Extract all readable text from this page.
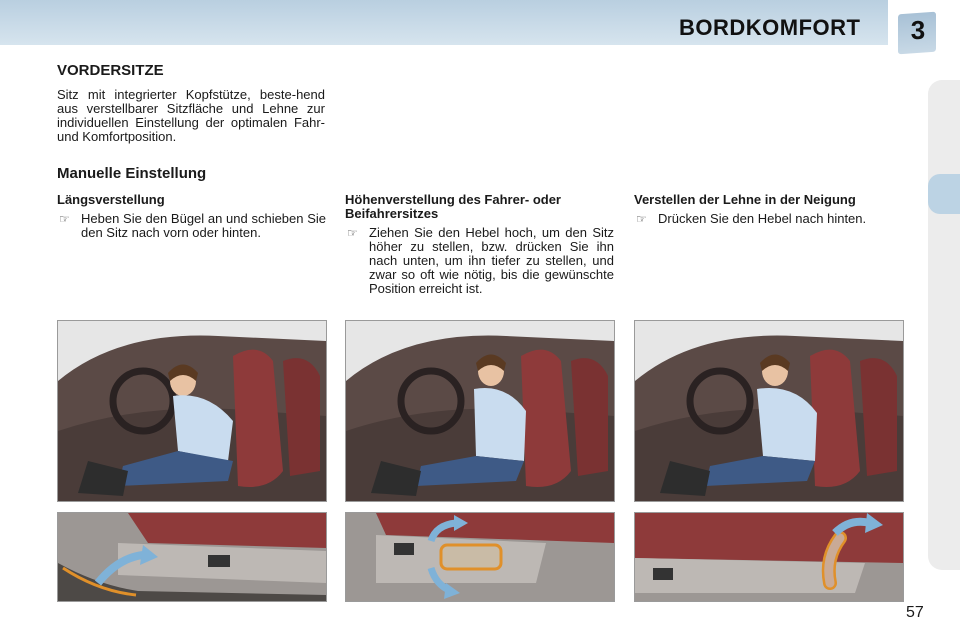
BORDKOMFORT 3
VORDERSITZE
Sitz mit integrierter Kopfstütze, beste-hend aus verstellbarer Sitzfläche und Lehne zur individuellen Einstellung der optimalen Fahr- und Komfortposition.
Manuelle Einstellung
Längsverstellung
☞ Heben Sie den Bügel an und schieben Sie den Sitz nach vorn oder hinten.
Höhenverstellung des Fahrer- oder Beifahrersitzes
☞ Ziehen Sie den Hebel hoch, um den Sitz höher zu stellen, bzw. drücken Sie ihn nach unten, um ihn tiefer zu stellen, und zwar so oft wie nötig, bis die gewünschte Position erreicht ist.
Verstellen der Lehne in der Neigung
☞ Drücken Sie den Hebel nach hinten.
57
